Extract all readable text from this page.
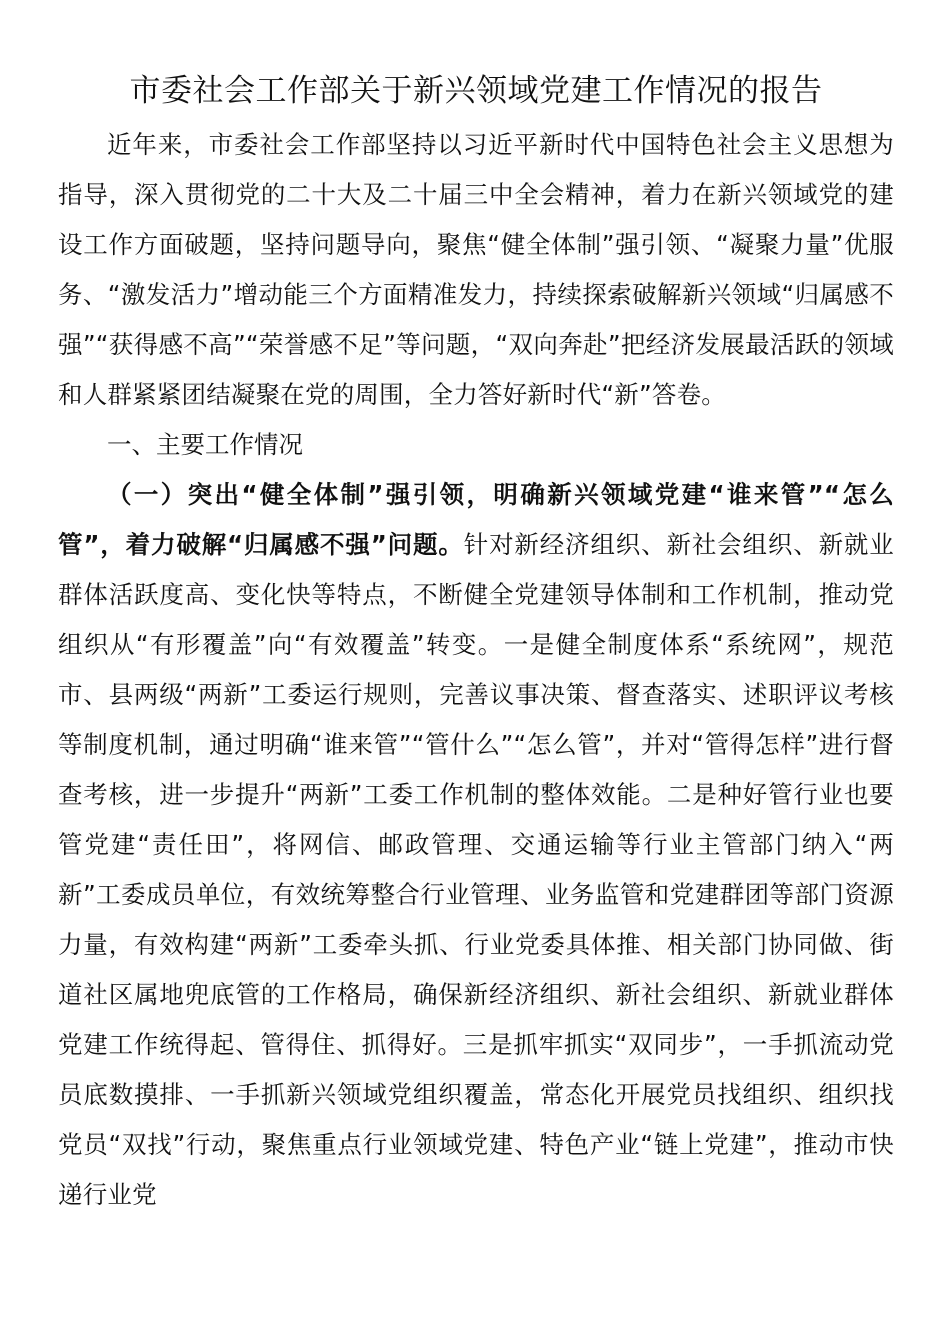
市委社会工作部关于新兴领域党建工作情况的报告

近年来，市委社会工作部坚持以习近平新时代中国特色社会主义思想为指导，深入贯彻党的二十大及二十届三中全会精神，着力在新兴领域党的建设工作方面破题，坚持问题导向，聚焦“健全体制”强引领、“凝聚力量”优服务、“激发活力”增动能三个方面精准发力，持续探索破解新兴领域“归属感不强”“获得感不高”“荣誉感不足”等问题，“双向奔赴”把经济发展最活跃的领域和人群紧紧团结凝聚在党的周围，全力答好新时代“新”答卷。

一、主要工作情况

（一）突出“健全体制”强引领，明确新兴领域党建“谁来管”“怎么管”，着力破解“归属感不强”问题。针对新经济组织、新社会组织、新就业群体活跃度高、变化快等特点，不断健全党建领导体制和工作机制，推动党组织从“有形覆盖”向“有效覆盖”转变。一是健全制度体系“系统网”，规范市、县两级“两新”工委运行规则，完善议事决策、督查落实、述职评议考核等制度机制，通过明确“谁来管”“管什么”“怎么管”，并对“管得怎样”进行督查考核，进一步提升“两新”工委工作机制的整体效能。二是种好管行业也要管党建“责任田”，将网信、邮政管理、交通运输等行业主管部门纳入“两新”工委成员单位，有效统筹整合行业管理、业务监管和党建群团等部门资源力量，有效构建“两新”工委牵头抓、行业党委具体推、相关部门协同做、街道社区属地兜底管的工作格局，确保新经济组织、新社会组织、新就业群体党建工作统得起、管得住、抓得好。三是抓牢抓实“双同步”，一手抓流动党员底数摸排、一手抓新兴领域党组织覆盖，常态化开展党员找组织、组织找党员“双找”行动，聚焦重点行业领域党建、特色产业“链上党建”，推动市快递行业党
